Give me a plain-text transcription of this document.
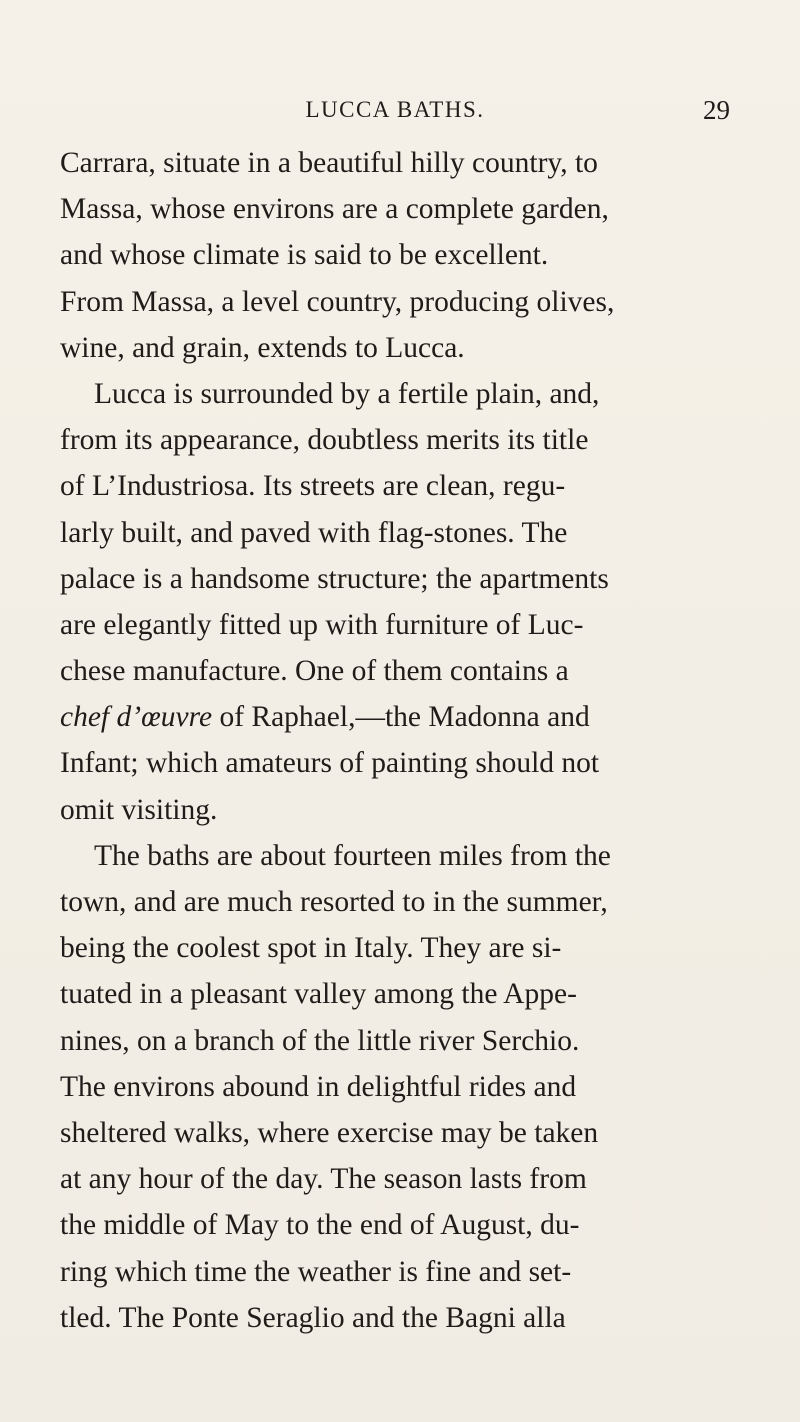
LUCCA BATHS.	29
Carrara, situate in a beautiful hilly country, to
Massa, whose environs are a complete garden,
and whose climate is said to be excellent.
From Massa, a level country, producing olives,
wine, and grain, extends to Lucca.
Lucca is surrounded by a fertile plain, and,
from its appearance, doubtless merits its title
of L’Industriosa. Its streets are clean, regu-
larly built, and paved with flag-stones. The
palace is a handsome structure; the apartments
are elegantly fitted up with furniture of Luc-
chese manufacture. One of them contains a
chef d’œuvre of Raphael,—the Madonna and
Infant; which amateurs of painting should not
omit visiting.
The baths are about fourteen miles from the
town, and are much resorted to in the summer,
being the coolest spot in Italy. They are si-
tuated in a pleasant valley among the Appe-
nines, on a branch of the little river Serchio.
The environs abound in delightful rides and
sheltered walks, where exercise may be taken
at any hour of the day. The season lasts from
the middle of May to the end of August, du-
ring which time the weather is fine and set-
tled. The Ponte Seraglio and the Bagni alla
